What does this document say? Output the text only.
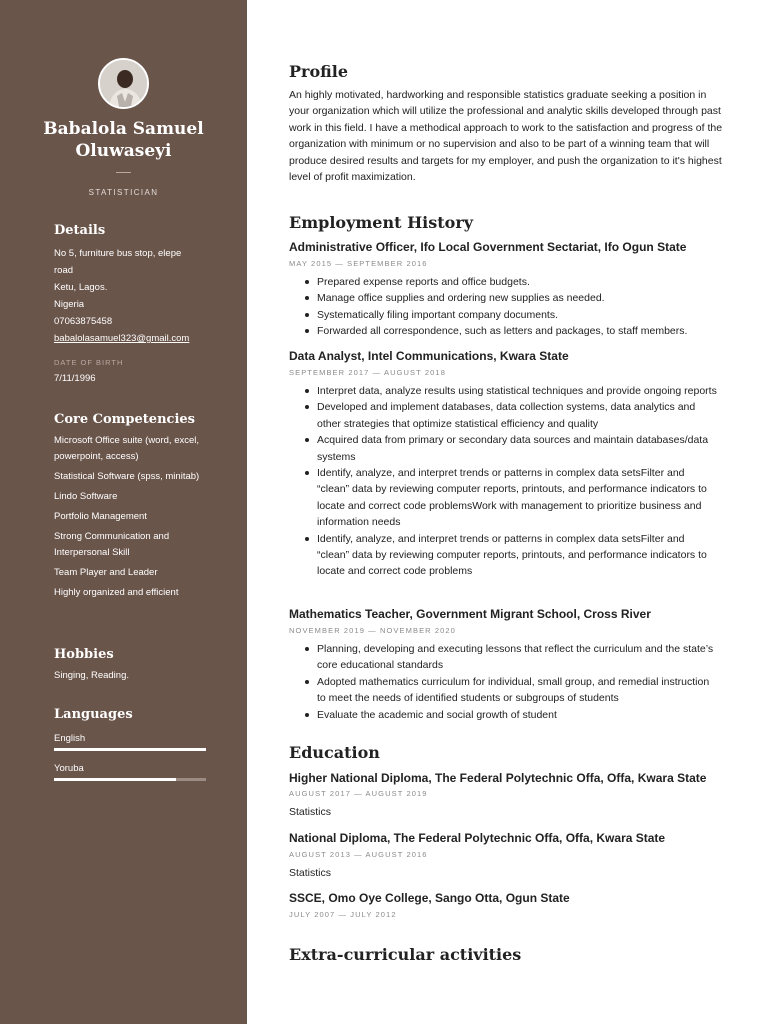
Babalola Samuel
Oluwaseyi
STATISTICIAN
Details
No 5, furniture bus stop, elepe
road
Ketu, Lagos.
Nigeria
07063875458
babalolasamuel323@gmail.com
DATE OF BIRTH
7/11/1996
Core Competencies
Microsoft Office suite (word, excel, powerpoint, access)
Statistical Software (spss, minitab)
Lindo Software
Portfolio Management
Strong Communication and Interpersonal Skill
Team Player and Leader
Highly organized and efficient
Hobbies
Singing, Reading.
Languages
English
Yoruba
Profile
An highly motivated, hardworking and responsible statistics graduate seeking a position in your organization which will utilize the professional and analytic skills developed through past work in this field. I have a methodical approach to work to the satisfaction and progress of the organization with minimum or no supervision and also to be part of a winning team that will produce desired results and targets for my employer, and push the organization to it's highest level of profit maximization.
Employment History
Administrative Officer, Ifo Local Government Sectariat, Ifo Ogun State
MAY 2015 — SEPTEMBER 2016
Prepared expense reports and office budgets.
Manage office supplies and ordering new supplies as needed.
Systematically filing important company documents.
Forwarded all correspondence, such as letters and packages, to staff members.
Data Analyst, Intel Communications, Kwara State
SEPTEMBER 2017 — AUGUST 2018
Interpret data, analyze results using statistical techniques and provide ongoing reports
Developed and implement databases, data collection systems, data analytics and other strategies that optimize statistical efficiency and quality
Acquired data from primary or secondary data sources and maintain databases/data systems
Identify, analyze, and interpret trends or patterns in complex data setsFilter and “clean” data by reviewing computer reports, printouts, and performance indicators to locate and correct code problemsWork with management to prioritize business and information needs
Identify, analyze, and interpret trends or patterns in complex data setsFilter and “clean” data by reviewing computer reports, printouts, and performance indicators to locate and correct code problems
Mathematics Teacher, Government Migrant School, Cross River
NOVEMBER 2019 — NOVEMBER 2020
Planning, developing and executing lessons that reflect the curriculum and the state’s core educational standards
Adopted mathematics curriculum for individual, small group, and remedial instruction to meet the needs of identified students or subgroups of students
Evaluate the academic and social growth of student
Education
Higher National Diploma, The Federal Polytechnic Offa, Offa, Kwara State
AUGUST 2017 — AUGUST 2019
Statistics
National Diploma, The Federal Polytechnic Offa, Offa, Kwara State
AUGUST 2013 — AUGUST 2016
Statistics
SSCE, Omo Oye College, Sango Otta, Ogun State
JULY 2007 — JULY 2012
Extra-curricular activities
